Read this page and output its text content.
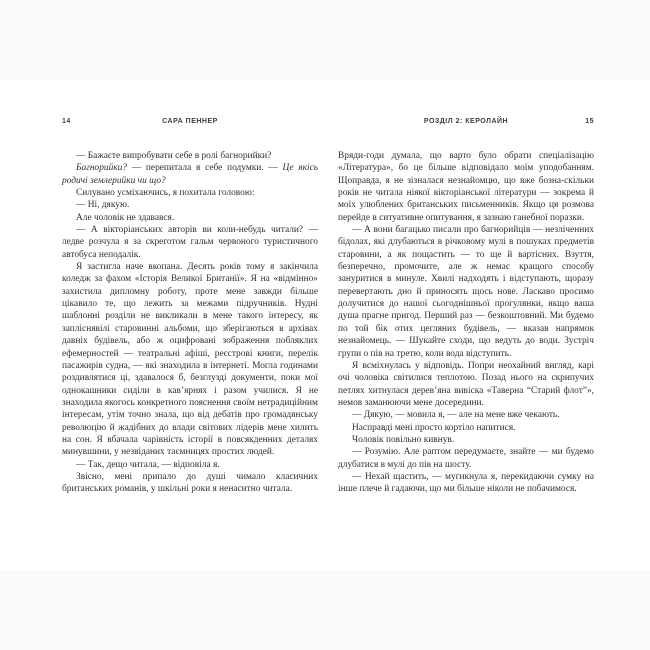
14	САРА ПЕННЕР

— Бажаєте випробувати себе в ролі багнорийки?

Багнорийки? — перепитала я себе подумки. — Це якісь родичі землерийки чи що?

Силувано усміхаючись, я похитала головою:

— Ні, дякую.

Але чоловік не здавався.

— А вікторіанських авторів ви коли-небудь читали? — ледве розчула я за скреготом гальм червоного туристичного автобуса неподалік.

Я застигла наче вкопана. Десять років тому я закінчила коледж за фахом «Історія Великої Британії». Я на «відмінно» захистила дипломну роботу, проте мене завжди більше цікавило те, що лежить за межами підручників. Нудні шаблонні розділи не викликали в мене такого інтересу, як запліснявілі старовинні альбоми, що зберігаються в архівах давніх будівель, або ж оцифровані зображення побляклих ефемерностей — театральні афіші, реєстрові книги, перелік пасажирів судна, — які знаходила в інтернеті. Могла годинами роздивлятися ці, здавалося б, безглузді документи, поки мої однокашники сиділи в кав’ярнях і разом училися. Я не знаходила якогось конкретного пояснення своїм нетрадиційним інтересам, утім точно знала, що від дебатів про громадянську революцію й жадібних до влади світових лідерів мене хилить на сон. Я вбачала чарівність історії в повсякденних деталях минувшини, у незвіданих таємницях простих людей.

— Так, дещо читала, — відповіла я.

Звісно, мені припало до душі чимало класичних британських романів, у шкільні роки я ненаситно читала.

РОЗДІЛ 2: КЕРОЛАЙН	15

Вряди-годи думала, що варто було обрати спеціалізацію «Література», бо це більше відповідало моїм уподобанням. Щоправда, я не зізналася незнайомцю, що вже бозна-скільки років не читала ніякої вікторіанської літератури — зокрема й моїх улюблених британських письменників. Якщо ця розмова перейде в ситуативне опитування, я зазнаю ганебної поразки.

— А вони багацько писали про багнорийців — незліченних бідолах, які длубаються в річковому мулі в пошуках предметів старовини, а як пощастить — то ще й вартісних. Взуття, безперечно, промочите, але ж немає кращого способу зануритися в минуле. Хвилі надходять і відступають, щоразу перевертають дно й приносять щось нове. Ласкаво просимо долучитися до нашої сьогоднішньої прогулянки, якщо ваша душа прагне пригод. Перший раз — безкоштовний. Ми будемо по той бік отих цегляних будівель, — вказав напрямок незнайомець. — Шукайте сходи, що ведуть до води. Зустріч групи о пів на третю, коли вода відступить.

Я всміхнулась у відповідь. Попри неохайний вигляд, карі очі чоловіка світилися теплотою. Позад нього на скрипучих петлях хитнулася дерев’яна вивіска «Таверна “Старий флот”», немов заманюючи мене досередини.

— Дякую, — мовила я, — але на мене вже чекають.

Насправді мені просто кортіло напитися.

Чоловік повільно кивнув.

— Розумію. Але раптом передумаєте, знайте — ми будемо длубатися в мулі до пів на шосту.

— Нехай щастить, — мугикнула я, перекидаючи сумку на інше плече й гадаючи, що ми більше ніколи не побачимося.
